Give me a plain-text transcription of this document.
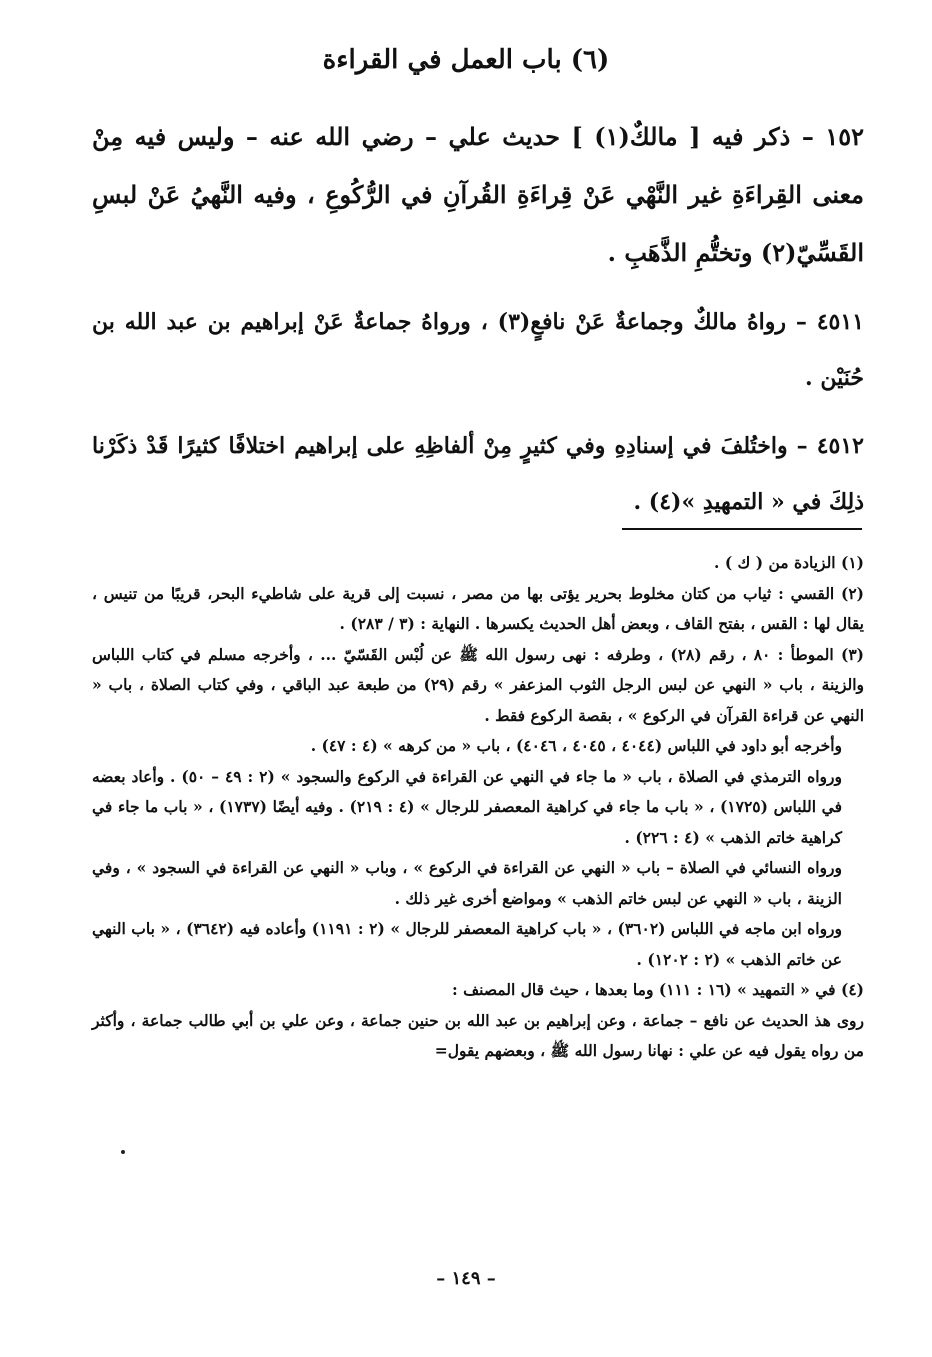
(٦) باب العمل في القراءة

١٥٢ – ذكر فيه [ مالكٌ(١) ] حديث علي – رضي الله عنه – وليس فيه مِنْ معنى القِراءَةِ غير النَّهْي عَنْ قِراءَةِ القُرآنِ في الرُّكُوعِ ، وفيه النَّهيُ عَنْ لبسِ القَسِّيّ(٢) وتختُّمِ الذَّهَبِ .

٤٥١١ – رواهُ مالكٌ وجماعةٌ عَنْ نافعٍ(٣) ، ورواهُ جماعةٌ عَنْ إبراهيم بن عبد الله بن حُنَيْن .

٤٥١٢ – واختُلفَ في إسنادِهِ وفي كثيرٍ مِنْ ألفاظِهِ على إبراهيم اختلافًا كثيرًا قَدْ ذكَرْنا ذلِكَ في « التمهيدِ »(٤) .

(١) الزيادة من ( ك ) .

(٢) القسي : ثياب من كتان مخلوط بحرير يؤتى بها من مصر ، نسبت إلى قرية على شاطيء البحر، قريبًا من تنيس ، يقال لها : القس ، بفتح القاف ، وبعض أهل الحديث يكسرها . النهاية : (٣ / ٢٨٣) .

(٣) الموطأ : ٨٠ ، رقم (٢٨) ، وطرفه : نهى رسول الله ﷺ عن لُبْس القَسّيّ ... ، وأخرجه مسلم في كتاب اللباس والزينة ، باب « النهي عن لبس الرجل الثوب المزعفر » رقم (٢٩) من طبعة عبد الباقي ، وفي كتاب الصلاة ، باب « النهي عن قراءة القرآن في الركوع » ، بقصة الركوع فقط .

وأخرجه أبو داود في اللباس (٤٠٤٤ ، ٤٠٤٥ ، ٤٠٤٦) ، باب « من كرهه » (٤ : ٤٧) .

ورواه الترمذي في الصلاة ، باب « ما جاء في النهي عن القراءة في الركوع والسجود » (٢ : ٤٩ – ٥٠) . وأعاد بعضه في اللباس (١٧٢٥) ، « باب ما جاء في كراهية المعصفر للرجال » (٤ : ٢١٩) . وفيه أيضًا (١٧٣٧) ، « باب ما جاء في كراهية خاتم الذهب » (٤ : ٢٢٦) .

ورواه النسائي في الصلاة – باب « النهي عن القراءة في الركوع » ، وباب « النهي عن القراءة في السجود » ، وفي الزينة ، باب « النهي عن لبس خاتم الذهب » ومواضع أخرى غير ذلك .

ورواه ابن ماجه في اللباس (٣٦٠٢) ، « باب كراهية المعصفر للرجال » (٢ : ١١٩١) وأعاده فيه (٣٦٤٢) ، « باب النهي عن خاتم الذهب » (٢ : ١٢٠٢) .

(٤) في « التمهيد » (١٦ : ١١١) وما بعدها ، حيث قال المصنف :

روى هذ الحديث عن نافع – جماعة ، وعن إبراهيم بن عبد الله بن حنين جماعة ، وعن علي بن أبي طالب جماعة ، وأكثر من رواه يقول فيه عن علي : نهانا رسول الله ﷺ ، وبعضهم يقول=

– ١٤٩ –
